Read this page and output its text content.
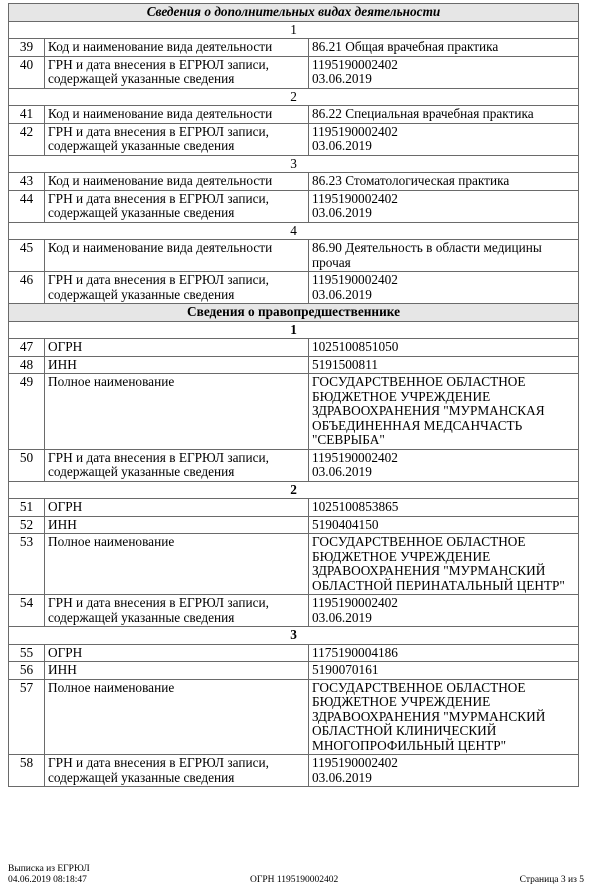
Сведения о дополнительных видах деятельности		
1		
39	Код и наименование вида деятельности	86.21 Общая врачебная практика
40	ГРН и дата внесения в ЕГРЮЛ записи, содержащей указанные сведения	1195190002402
03.06.2019
2		
41	Код и наименование вида деятельности	86.22 Специальная врачебная практика
42	ГРН и дата внесения в ЕГРЮЛ записи, содержащей указанные сведения	1195190002402
03.06.2019
3		
43	Код и наименование вида деятельности	86.23 Стоматологическая практика
44	ГРН и дата внесения в ЕГРЮЛ записи, содержащей указанные сведения	1195190002402
03.06.2019
4		
45	Код и наименование вида деятельности	86.90 Деятельность в области медицины прочая
46	ГРН и дата внесения в ЕГРЮЛ записи, содержащей указанные сведения	1195190002402
03.06.2019
Сведения о правопредшественнике		
1		
47	ОГРН	1025100851050
48	ИНН	5191500811
49	Полное наименование	ГОСУДАРСТВЕННОЕ ОБЛАСТНОЕ БЮДЖЕТНОЕ УЧРЕЖДЕНИЕ ЗДРАВООХРАНЕНИЯ "МУРМАНСКАЯ ОБЪЕДИНЕННАЯ МЕДСАНЧАСТЬ "СЕВРЫБА"
50	ГРН и дата внесения в ЕГРЮЛ записи, содержащей указанные сведения	1195190002402
03.06.2019
2		
51	ОГРН	1025100853865
52	ИНН	5190404150
53	Полное наименование	ГОСУДАРСТВЕННОЕ ОБЛАСТНОЕ БЮДЖЕТНОЕ УЧРЕЖДЕНИЕ ЗДРАВООХРАНЕНИЯ "МУРМАНСКИЙ ОБЛАСТНОЙ ПЕРИНАТАЛЬНЫЙ ЦЕНТР"
54	ГРН и дата внесения в ЕГРЮЛ записи, содержащей указанные сведения	1195190002402
03.06.2019
3		
55	ОГРН	1175190004186
56	ИНН	5190070161
57	Полное наименование	ГОСУДАРСТВЕННОЕ ОБЛАСТНОЕ БЮДЖЕТНОЕ УЧРЕЖДЕНИЕ ЗДРАВООХРАНЕНИЯ "МУРМАНСКИЙ ОБЛАСТНОЙ КЛИНИЧЕСКИЙ МНОГОПРОФИЛЬНЫЙ ЦЕНТР"
58	ГРН и дата внесения в ЕГРЮЛ записи, содержащей указанные сведения	1195190002402
03.06.2019
Выписка из ЕГРЮЛ
04.06.2019 08:18:47	ОГРН 1195190002402	Страница 3 из 5
